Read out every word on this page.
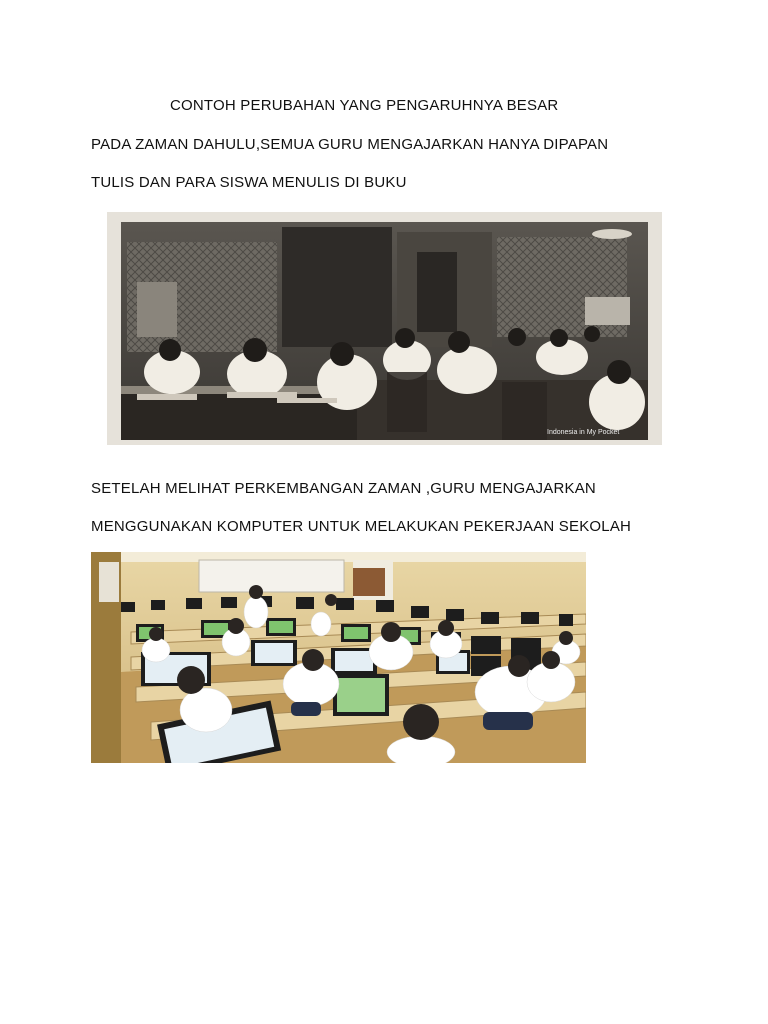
CONTOH PERUBAHAN YANG PENGARUHNYA BESAR

PADA ZAMAN DAHULU,SEMUA GURU MENGAJARKAN HANYA DIPAPAN

TULIS DAN PARA SISWA MENULIS DI BUKU

Indonesia in My Pocket

SETELAH MELIHAT PERKEMBANGAN ZAMAN ,GURU MENGAJARKAN

MENGGUNAKAN KOMPUTER UNTUK MELAKUKAN PEKERJAAN SEKOLAH
